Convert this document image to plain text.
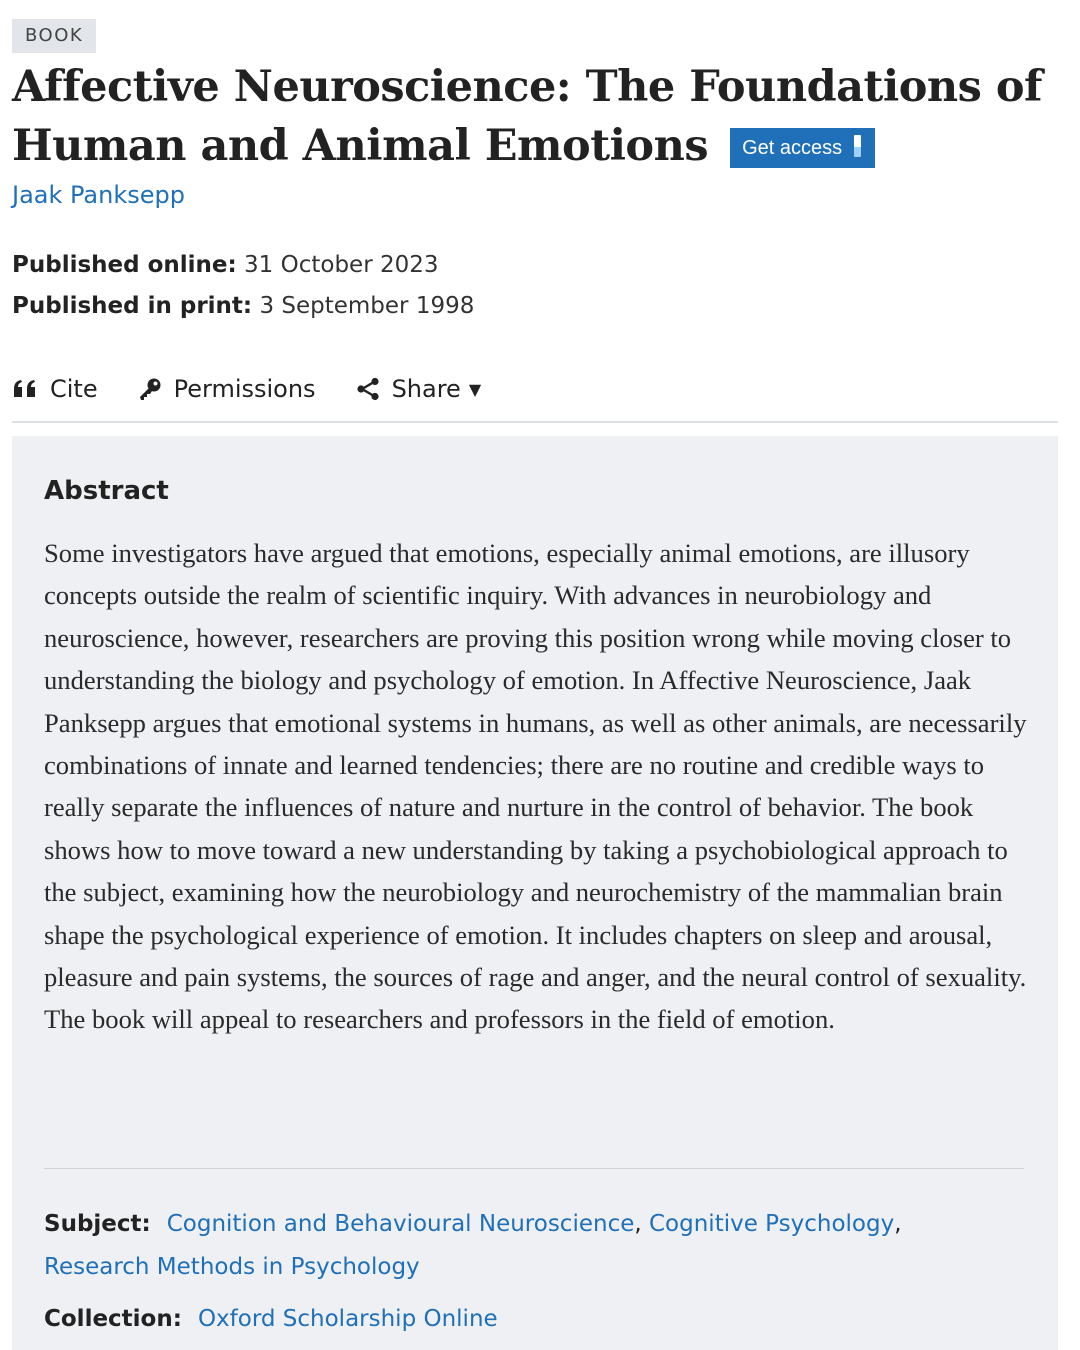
BOOK
Affective Neuroscience: The Foundations of Human and Animal Emotions Get access
Jaak Panksepp
Published online: 31 October 2023
Published in print: 3 September 1998
Cite	Permissions	Share ▼
Abstract

Some investigators have argued that emotions, especially animal emotions, are illusory concepts outside the realm of scientific inquiry. With advances in neurobiology and neuroscience, however, researchers are proving this position wrong while moving closer to understanding the biology and psychology of emotion. In Affective Neuroscience, Jaak Panksepp argues that emotional systems in humans, as well as other animals, are necessarily combinations of innate and learned tendencies; there are no routine and credible ways to really separate the influences of nature and nurture in the control of behavior. The book shows how to move toward a new understanding by taking a psychobiological approach to the subject, examining how the neurobiology and neurochemistry of the mammalian brain shape the psychological experience of emotion. It includes chapters on sleep and arousal, pleasure and pain systems, the sources of rage and anger, and the neural control of sexuality. The book will appeal to researchers and professors in the field of emotion.

Subject: Cognition and Behavioural Neuroscience, Cognitive Psychology,
Research Methods in Psychology
Collection: Oxford Scholarship Online
